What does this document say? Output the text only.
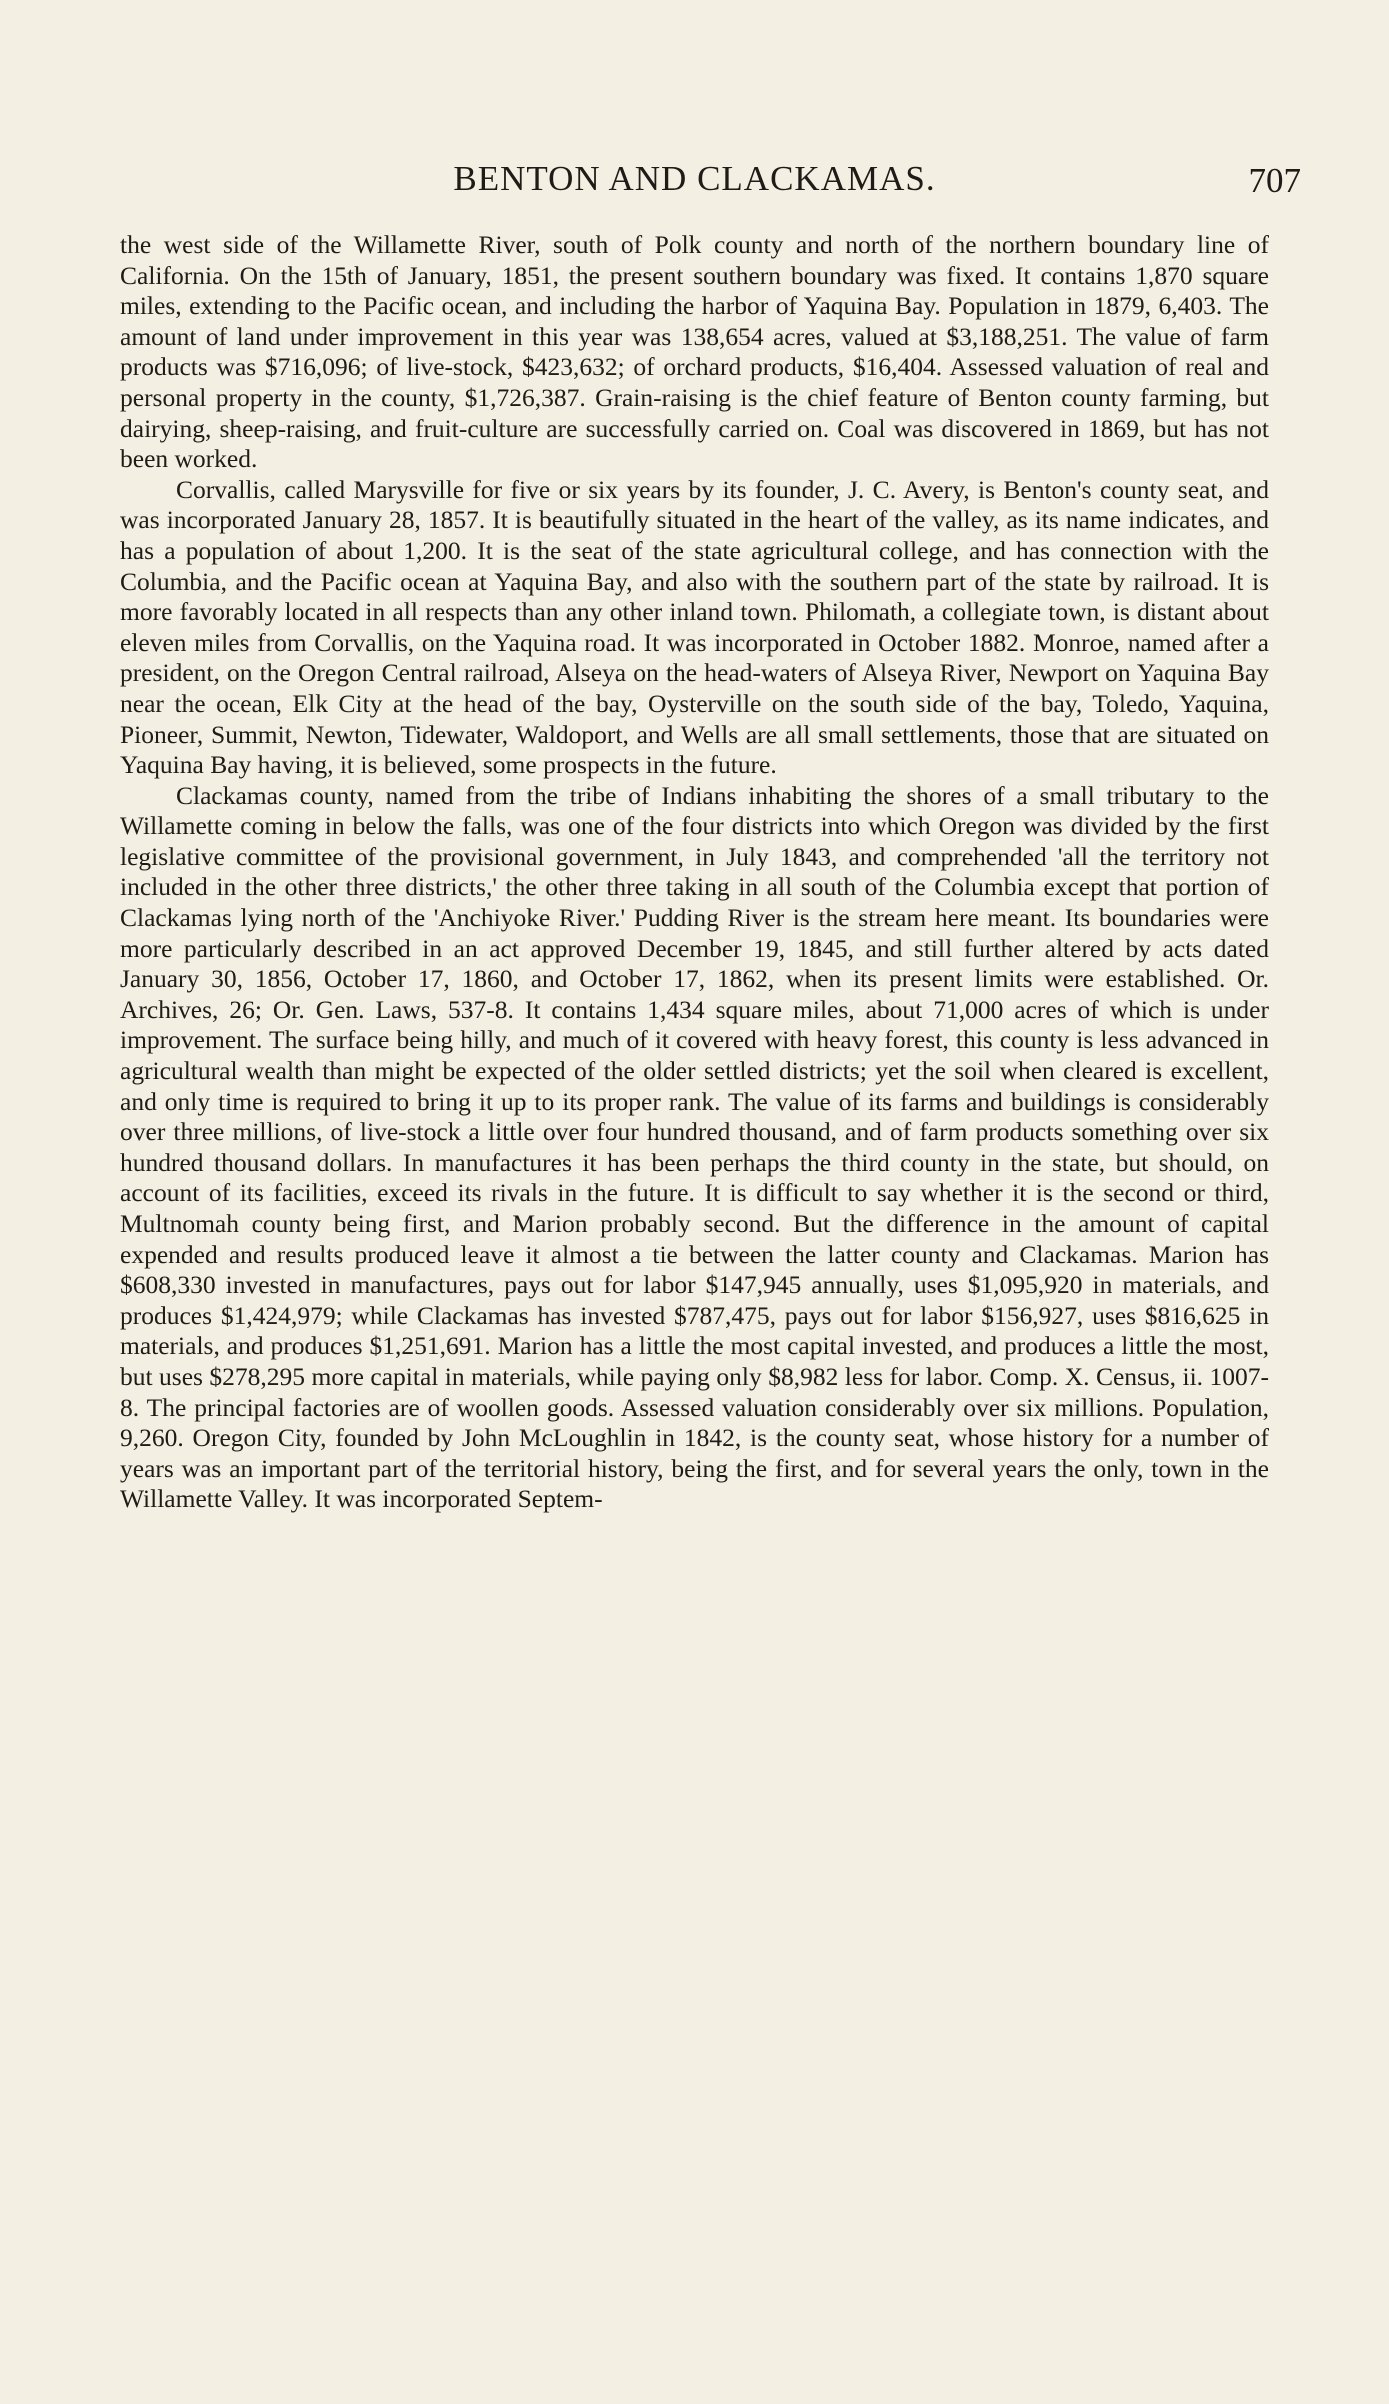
BENTON AND CLACKAMAS.	707

the west side of the Willamette River, south of Polk county and north of the northern boundary line of California. On the 15th of January, 1851, the present southern boundary was fixed. It contains 1,870 square miles, extending to the Pacific ocean, and including the harbor of Yaquina Bay. Population in 1879, 6,403. The amount of land under improvement in this year was 138,654 acres, valued at $3,188,251. The value of farm products was $716,096; of live-stock, $423,632; of orchard products, $16,404. Assessed valuation of real and personal property in the county, $1,726,387. Grain-raising is the chief feature of Benton county farming, but dairying, sheep-raising, and fruit-culture are successfully carried on. Coal was discovered in 1869, but has not been worked.

Corvallis, called Marysville for five or six years by its founder, J. C. Avery, is Benton's county seat, and was incorporated January 28, 1857. It is beautifully situated in the heart of the valley, as its name indicates, and has a population of about 1,200. It is the seat of the state agricultural college, and has connection with the Columbia, and the Pacific ocean at Yaquina Bay, and also with the southern part of the state by railroad. It is more favorably located in all respects than any other inland town. Philomath, a collegiate town, is distant about eleven miles from Corvallis, on the Yaquina road. It was incorporated in October 1882. Monroe, named after a president, on the Oregon Central railroad, Alseya on the head-waters of Alseya River, Newport on Yaquina Bay near the ocean, Elk City at the head of the bay, Oysterville on the south side of the bay, Toledo, Yaquina, Pioneer, Summit, Newton, Tidewater, Waldoport, and Wells are all small settlements, those that are situated on Yaquina Bay having, it is believed, some prospects in the future.

Clackamas county, named from the tribe of Indians inhabiting the shores of a small tributary to the Willamette coming in below the falls, was one of the four districts into which Oregon was divided by the first legislative committee of the provisional government, in July 1843, and comprehended 'all the territory not included in the other three districts,' the other three taking in all south of the Columbia except that portion of Clackamas lying north of the 'Anchiyoke River.' Pudding River is the stream here meant. Its boundaries were more particularly described in an act approved December 19, 1845, and still further altered by acts dated January 30, 1856, October 17, 1860, and October 17, 1862, when its present limits were established. Or. Archives, 26; Or. Gen. Laws, 537-8. It contains 1,434 square miles, about 71,000 acres of which is under improvement. The surface being hilly, and much of it covered with heavy forest, this county is less advanced in agricultural wealth than might be expected of the older settled districts; yet the soil when cleared is excellent, and only time is required to bring it up to its proper rank. The value of its farms and buildings is considerably over three millions, of live-stock a little over four hundred thousand, and of farm products something over six hundred thousand dollars. In manufactures it has been perhaps the third county in the state, but should, on account of its facilities, exceed its rivals in the future. It is difficult to say whether it is the second or third, Multnomah county being first, and Marion probably second. But the difference in the amount of capital expended and results produced leave it almost a tie between the latter county and Clackamas. Marion has $608,330 invested in manufactures, pays out for labor $147,945 annually, uses $1,095,920 in materials, and produces $1,424,979; while Clackamas has invested $787,475, pays out for labor $156,927, uses $816,625 in materials, and produces $1,251,691. Marion has a little the most capital invested, and produces a little the most, but uses $278,295 more capital in materials, while paying only $8,982 less for labor. Comp. X. Census, ii. 1007-8. The principal factories are of woollen goods. Assessed valuation considerably over six millions. Population, 9,260. Oregon City, founded by John McLoughlin in 1842, is the county seat, whose history for a number of years was an important part of the territorial history, being the first, and for several years the only, town in the Willamette Valley. It was incorporated Septem-
